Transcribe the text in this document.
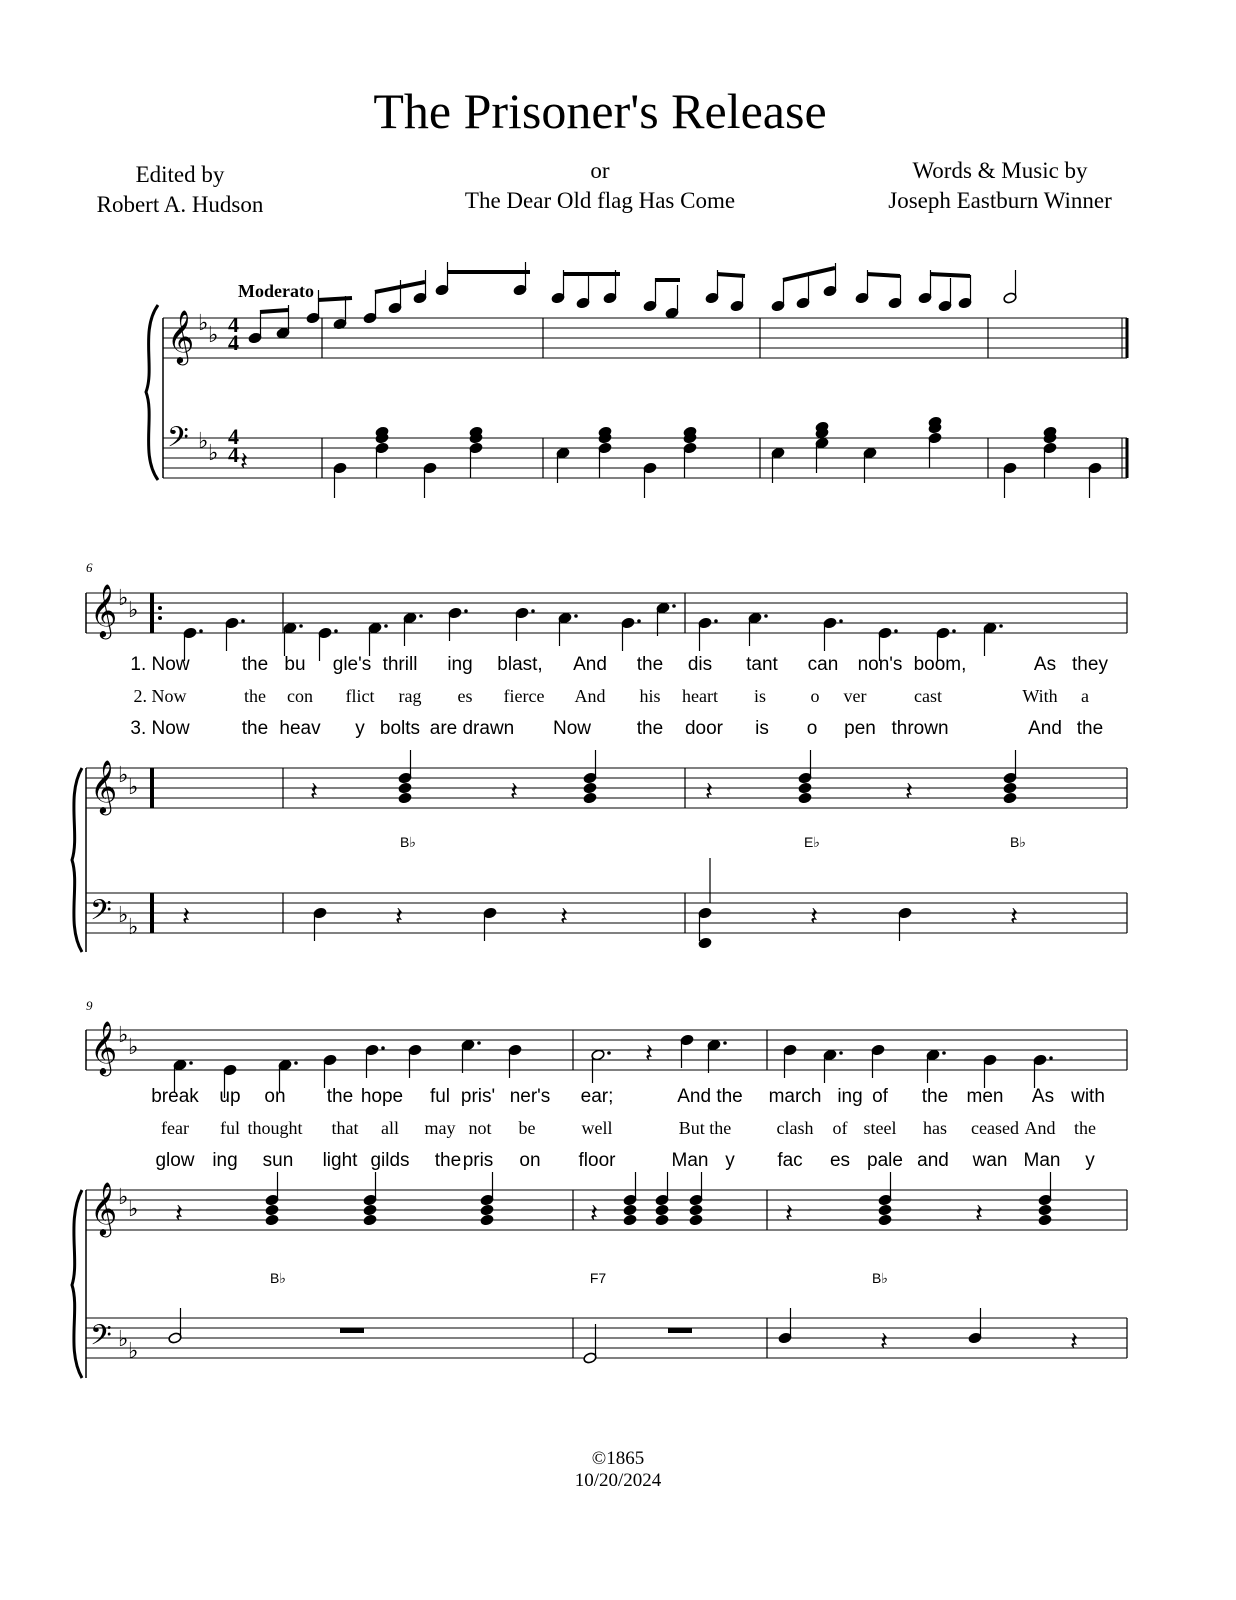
The Prisoner's Release
Edited by
Robert A. Hudson
or
The Dear Old flag Has Come
Words & Music by
Joseph Eastburn Winner
Moderato
𝄞
𝄢
♭ ♭
♭ ♭
4
4
4
4 𝄽
6
𝄞 ♭ ♭
1. Now	the bu gle's thrill ing blast, And the dis tant can non's boom,	As they
2. Now	the con flict rag es fierce And his heart is o ver	cast	With a
3. Now	the heav y bolts are drawn Now the door is o pen thrown	And the
𝄽	𝄽	𝄽	𝄽
𝄽	𝄽	𝄽	𝄽	𝄽
𝄞 ♭ ♭
𝄢 ♭ ♭
B♭	E♭	B♭
9
𝄽
𝄞 ♭ ♭
break up on the hope ful pris' ner's ear;	And the march ing of the men As with
fear ful thought that all may not be	well	But the	clash of steel has ceased And the
glow ing sun light gilds the pris on floor	Man y fac es pale and wan Man y
𝄽	𝄽	𝄽	𝄽
𝄽	𝄽
𝄞 ♭ ♭
𝄢 ♭ ♭
B♭	F7	B♭
©1865
10/20/2024
